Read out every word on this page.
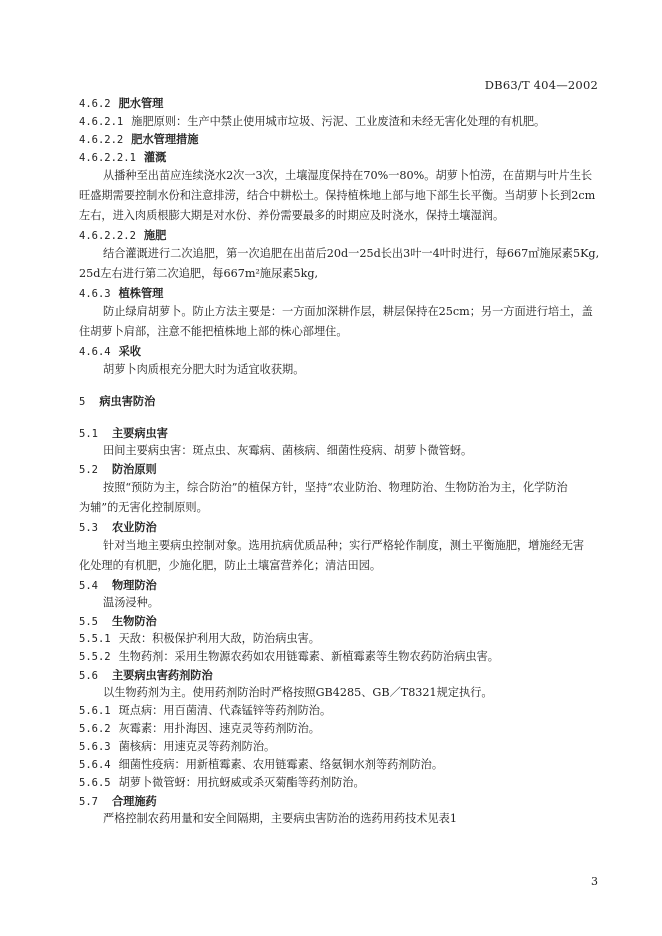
DB63/T 404—2002
4.6.2 肥水管理
4.6.2.1 施肥原则：生产中禁止使用城市垃圾、污泥、工业废渣和未经无害化处理的有机肥。
4.6.2.2 肥水管理措施
4.6.2.2.1 灌溉
从播种至出苗应连续浇水2次一3次，土壤湿度保持在70%一80%。胡萝卜怕涝，在苗期与叶片生长
旺盛期需要控制水份和注意排涝，结合中耕松土。保持植株地上部与地下部生长平衡。当胡萝卜长到2cm
左右，进入肉质根膨大期是对水份、养份需要最多的时期应及时浇水，保持土壤湿润。
4.6.2.2.2 施肥
结合灌溉进行二次追肥，第一次追肥在出苗后20d一25d长出3叶一4叶时进行，每667㎡施尿素5Kg,
25d左右进行第二次追肥，每667m²施尿素5kg,
4.6.3 植株管理
防止绿肩胡萝卜。防止方法主要是：一方面加深耕作层，耕层保持在25cm；另一方面进行培土，盖
住胡萝卜肩部，注意不能把植株地上部的株心部埋住。
4.6.4 采收
胡萝卜肉质根充分肥大时为适宜收获期。
5 病虫害防治
5.1 主要病虫害
田间主要病虫害：斑点虫、灰霉病、菌核病、细菌性疫病、胡萝卜微管蚜。
5.2 防治原则
按照“预防为主，综合防治”的植保方针，坚持“农业防治、物理防治、生物防治为主，化学防治
为辅”的无害化控制原则。
5.3 农业防治
针对当地主要病虫控制对象。选用抗病优质品种；实行严格轮作制度，测土平衡施肥，增施经无害
化处理的有机肥，少施化肥，防止土壤富营养化；清洁田园。
5.4 物理防治
温汤浸种。
5.5 生物防治
5.5.1 天敌：积极保护利用大敌，防治病虫害。
5.5.2 生物药剂：采用生物源农药如农用链霉素、新植霉素等生物农药防治病虫害。
5.6 主要病虫害药剂防治
以生物药剂为主。使用药剂防治时严格按照GB4285、GB／T8321规定执行。
5.6.1 斑点病：用百菌清、代森锰锌等药剂防治。
5.6.2 灰霉素：用扑海因、速克灵等药剂防治。
5.6.3 菌核病：用速克灵等药剂防治。
5.6.4 细菌性疫病：用新植霉素、农用链霉素、络氨铜水剂等药剂防治。
5.6.5 胡萝卜微管蚜：用抗蚜威或杀灭菊酯等药剂防治。
5.7 合理施药
严格控制农药用量和安全间隔期，主要病虫害防治的选药用药技术见表1
3
